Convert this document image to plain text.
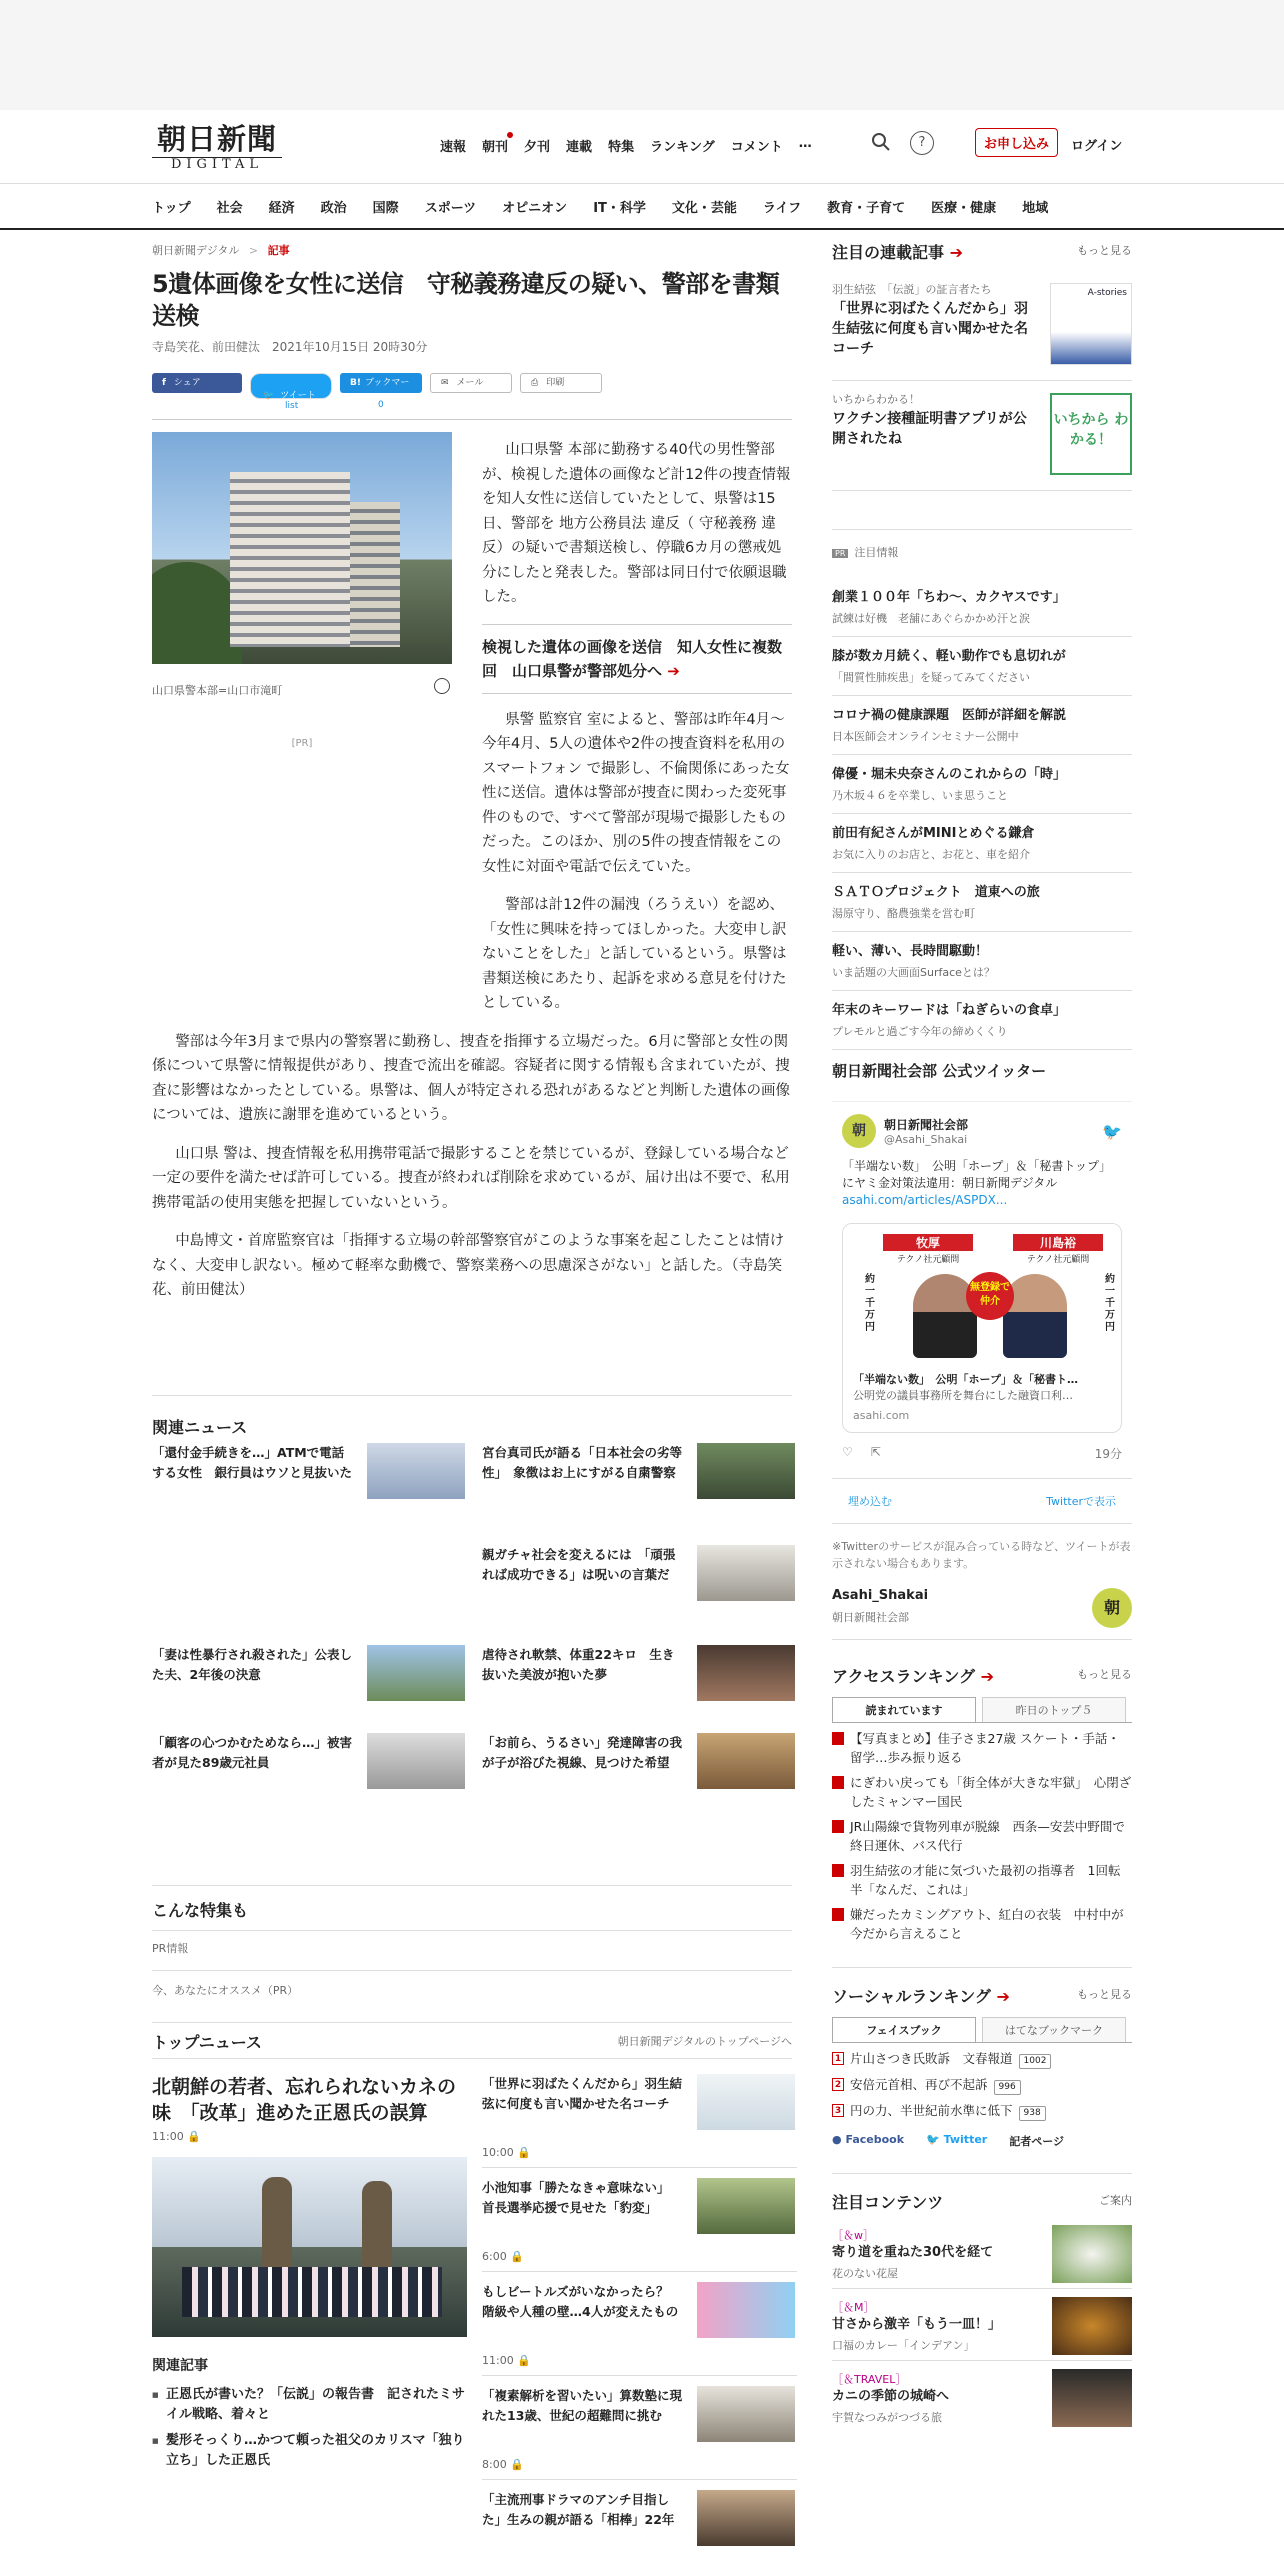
朝日新聞
DIGITAL
速報 朝刊 夕刊 連載 特集 ランキング コメント …	?	お申し込み	ログイン
トップ 社会 経済 政治 国際 スポーツ オピニオン IT・科学 文化・芸能 ライフ 教育・子育て 医療・健康 地域
朝日新聞デジタル > 記事
5遺体画像を女性に送信　守秘義務違反の疑い、警部を書類送検
寺島笑花、前田健汰　2021年10月15日 20時30分
f シェア
🐦 ツイート
list
B! ブックマーク 0
✉ メール	⎙ 印刷
山口県警本部=山口市滝町
[PR]

山口県警 本部に勤務する40代の男性警部が、検視した遺体の画像など計12件の捜査情報を知人女性に送信していたとして、県警は15日、警部を 地方公務員法 違反（ 守秘義務 違反）の疑いで書類送検し、停職6カ月の懲戒処分にしたと発表した。警部は同日付で依願退職した。

検視した遺体の画像を送信　知人女性に複数回　山口県警が警部処分へ ➔

県警 監察官 室によると、警部は昨年4月～今年4月、5人の遺体や2件の捜査資料を私用の スマートフォン で撮影し、不倫関係にあった女性に送信。遺体は警部が捜査に関わった変死事件のもので、すべて警部が現場で撮影したものだった。このほか、別の5件の捜査情報をこの女性に対面や電話で伝えていた。

警部は計12件の漏洩（ろうえい）を認め、「女性に興味を持ってほしかった。大変申し訳ないことをした」と話しているという。県警は書類送検にあたり、起訴を求める意見を付けたとしている。

警部は今年3月まで県内の警察署に勤務し、捜査を指揮する立場だった。6月に警部と女性の関係について県警に情報提供があり、捜査で流出を確認。容疑者に関する情報も含まれていたが、捜査に影響はなかったとしている。県警は、個人が特定される恐れがあるなどと判断した遺体の画像については、遺族に謝罪を進めているという。

山口県 警は、捜査情報を私用携帯電話で撮影することを禁じているが、登録している場合など一定の要件を満たせば許可している。捜査が終われば削除を求めているが、届け出は不要で、私用携帯電話の使用実態を把握していないという。

中島博文・首席監察官は「指揮する立場の幹部警察官がこのような事案を起こしたことは情けなく、大変申し訳ない。極めて軽率な動機で、警察業務への思慮深さがない」と話した。（寺島笑花、前田健汰）

関連ニュース
「還付金手続きを…」ATMで電話する女性　銀行員はウソと見抜いた
宮台真司氏が語る「日本社会の劣等性」　象徴はお上にすがる自粛警察
親ガチャ社会を変えるには　「頑張れば成功できる」は呪いの言葉だ
「妻は性暴行され殺された」公表した夫、2年後の決意
虐待され軟禁、体重22キロ　生き抜いた美波が抱いた夢
「顧客の心つかむためなら…」被害者が見た89歳元社員
「お前ら、うるさい」発達障害の我が子が浴びた視線、見つけた希望
こんな特集も
PR情報
今、あなたにオススメ（PR）
トップニュース	朝日新聞デジタルのトップページへ
北朝鮮の若者、忘れられないカネの味　「改革」進めた正恩氏の誤算
11:00 🔒
関連記事
■ 正恩氏が書いた？「伝説」の報告書　記されたミサイル戦略、着々と
■ 髪形そっくり…かつて頼った祖父のカリスマ「独り立ち」した正恩氏
「世界に羽ばたくんだから」羽生結弦に何度も言い聞かせた名コーチ
10:00 🔒
小池知事「勝たなきゃ意味ない」　首長選挙応援で見せた「豹変」
6:00 🔒
もしビートルズがいなかったら？　階級や人種の壁…4人が変えたもの
11:00 🔒
「複素解析を習いたい」算数塾に現れた13歳、世紀の超難問に挑む
8:00 🔒
「主流刑事ドラマのアンチ目指した」生みの親が語る「相棒」22年
注目の連載記事 ➔	もっと見る
羽生結弦　「伝説」の証言者たち
「世界に羽ばたくんだから」羽生結弦に何度も言い聞かせた名コーチ
A-stories
いちからわかる！
ワクチン接種証明書アプリが公開されたね
いちから わかる！
PR 注目情報
創業１００年「ちわ～、カクヤスです」
試練は好機　老舗にあぐらかかめ汗と涙
膝が数カ月続く、軽い動作でも息切れが
「間質性肺疾患」を疑ってみてください
コロナ禍の健康課題　医師が詳細を解説
日本医師会オンラインセミナー公開中
偉優・堀未央奈さんのこれからの「時」
乃木坂４６を卒業し、いま思うこと
前田有紀さんがMINIとめぐる鎌倉
お気に入りのお店と、お花と、車を紹介
ＳＡＴＯプロジェクト　道東への旅
湯原守り、酪農強業を営む町
軽い、薄い、長時間駆動！
いま話題の大画面Surfaceとは？
年末のキーワードは「ねぎらいの食卓」
プレモルと過ごす今年の締めくくり
朝日新聞社会部 公式ツイッター
朝	朝日新聞社会部
@Asahi_Shakai	🐦
「半端ない数」　公明「ホープ」＆「秘書トップ」にヤミ金対策法違用：朝日新聞デジタル
asahi.com/articles/ASPDX...
牧厚
テクノ社元顧問
川島裕
テクノ社元顧問
約一千万円
約一千万円
無登録で仲介
「半端ない数」　公明「ホープ」＆「秘書ト…
公明党の議員事務所を舞台にした融資口利…
asahi.com
♡ ⇱	19分
埋め込む	Twitterで表示
※Twitterのサービスが混み合っている時など、ツイートが表示されない場合もあります。
Asahi_Shakai
朝日新聞社会部
朝
アクセスランキング ➔	もっと見る
読まれています	昨日のトップ５
【写真まとめ】佳子さま27歳 スケート・手話・留学…歩み振り返る
にぎわい戻っても「街全体が大きな牢獄」　心閉ざしたミャンマー国民
JR山陽線で貨物列車が脱線　西条—安芸中野間で終日運休、バス代行
羽生結弦の才能に気づいた最初の指導者　1回転半「なんだ、これは」
嫌だったカミングアウト、紅白の衣装　中村中が今だから言えること
ソーシャルランキング ➔	もっと見る
フェイスブック	はてなブックマーク
1 片山さつき氏敗訴　文春報道 1002
2 安倍元首相、再び不起訴 996
3 円の力、半世紀前水準に低下 938
● Facebook 🐦 Twitter 記者ページ
注目コンテンツ	ご案内
［＆w］
寄り道を重ねた30代を経て
花のない花屋
［＆M］
甘さから激辛「もう一皿！」
口福のカレー「インデアン」
［＆TRAVEL］
カニの季節の城崎へ
宇賀なつみがつづる旅
